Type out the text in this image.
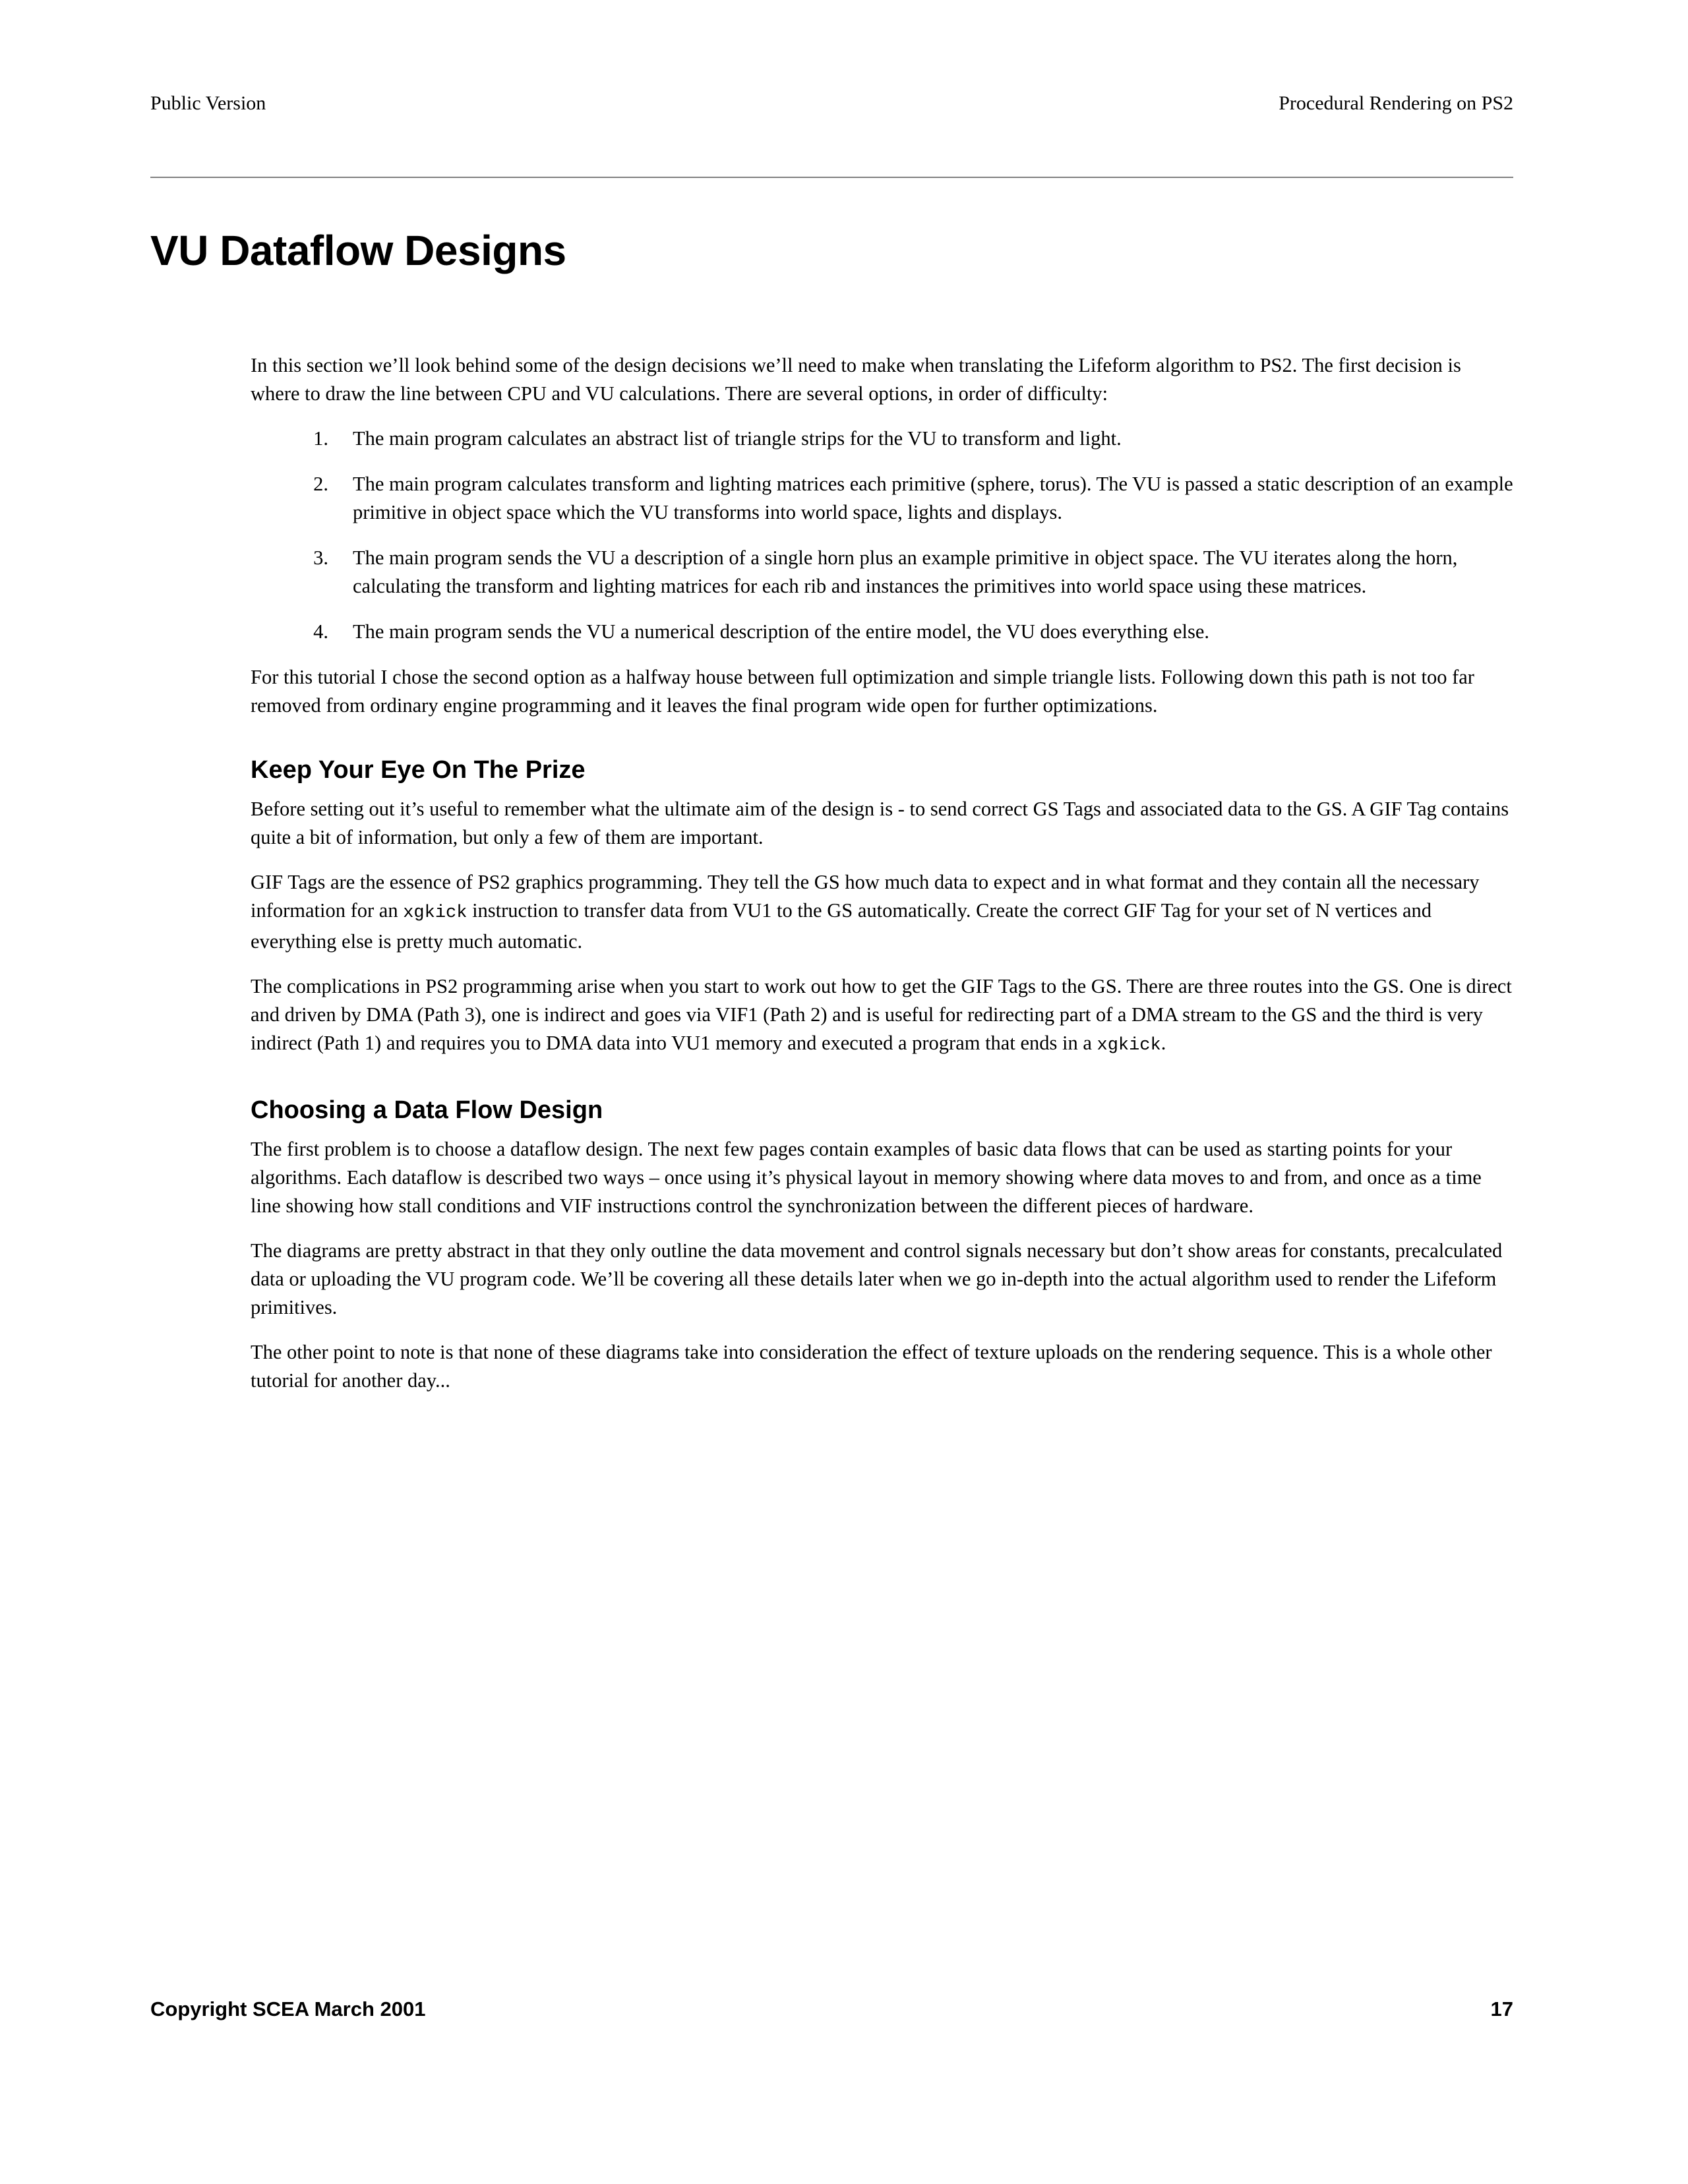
Public Version	Procedural Rendering on PS2
VU Dataflow Designs

In this section we’ll look behind some of the design decisions we’ll need to make when translating the Lifeform algorithm to PS2. The first decision is where to draw the line between CPU and VU calculations. There are several options, in order of difficulty:

1. The main program calculates an abstract list of triangle strips for the VU to transform and light.
2. The main program calculates transform and lighting matrices each primitive (sphere, torus). The VU is passed a static description of an example primitive in object space which the VU transforms into world space, lights and displays.
3. The main program sends the VU a description of a single horn plus an example primitive in object space. The VU iterates along the horn, calculating the transform and lighting matrices for each rib and instances the primitives into world space using these matrices.
4. The main program sends the VU a numerical description of the entire model, the VU does everything else.

For this tutorial I chose the second option as a halfway house between full optimization and simple triangle lists. Following down this path is not too far removed from ordinary engine programming and it leaves the final program wide open for further optimizations.

Keep Your Eye On The Prize

Before setting out it’s useful to remember what the ultimate aim of the design is - to send correct GS Tags and associated data to the GS. A GIF Tag contains quite a bit of information, but only a few of them are important.

GIF Tags are the essence of PS2 graphics programming. They tell the GS how much data to expect and in what format and they contain all the necessary information for an xgkick instruction to transfer data from VU1 to the GS automatically. Create the correct GIF Tag for your set of N vertices and everything else is pretty much automatic.

The complications in PS2 programming arise when you start to work out how to get the GIF Tags to the GS. There are three routes into the GS. One is direct and driven by DMA (Path 3), one is indirect and goes via VIF1 (Path 2) and is useful for redirecting part of a DMA stream to the GS and the third is very indirect (Path 1) and requires you to DMA data into VU1 memory and executed a program that ends in a xgkick.

Choosing a Data Flow Design

The first problem is to choose a dataflow design. The next few pages contain examples of basic data flows that can be used as starting points for your algorithms. Each dataflow is described two ways – once using it’s physical layout in memory showing where data moves to and from, and once as a time line showing how stall conditions and VIF instructions control the synchronization between the different pieces of hardware.

The diagrams are pretty abstract in that they only outline the data movement and control signals necessary but don’t show areas for constants, precalculated data or uploading the VU program code. We’ll be covering all these details later when we go in-depth into the actual algorithm used to render the Lifeform primitives.

The other point to note is that none of these diagrams take into consideration the effect of texture uploads on the rendering sequence. This is a whole other tutorial for another day...

Copyright SCEA March 2001	17
